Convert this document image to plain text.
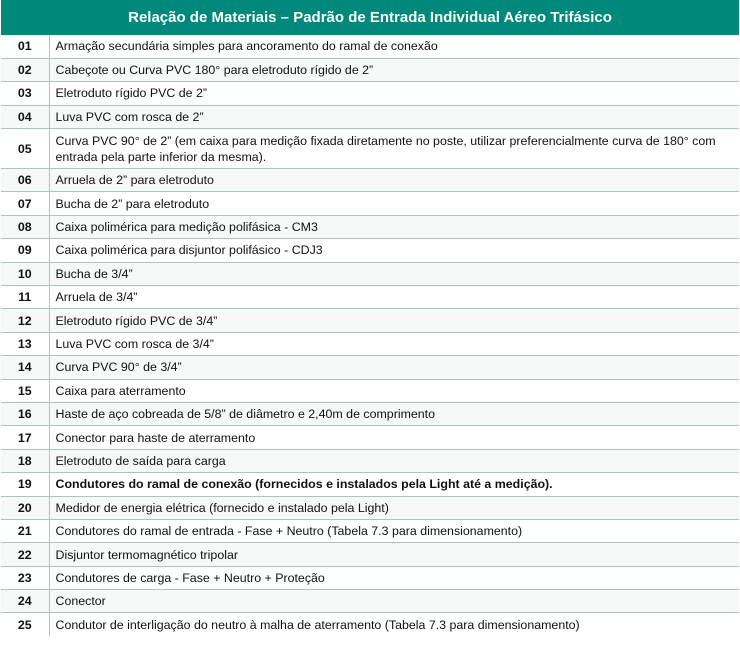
Relação de Materiais – Padrão de Entrada Individual Aéreo Trifásico
01	Armação secundária simples para ancoramento do ramal de conexão
02	Cabeçote ou Curva PVC 180° para eletroduto rígido de 2”
03	Eletroduto rígido PVC de 2”
04	Luva PVC com rosca de 2”
05	Curva PVC 90° de 2” (em caixa para medição fixada diretamente no poste, utilizar preferencialmente curva de 180° com entrada pela parte inferior da mesma).
06	Arruela de 2” para eletroduto
07	Bucha de 2” para eletroduto
08	Caixa polimérica para medição polifásica - CM3
09	Caixa polimérica para disjuntor polifásico - CDJ3
10	Bucha de 3/4”
11	Arruela de 3/4”
12	Eletroduto rígido PVC de 3/4”
13	Luva PVC com rosca de 3/4”
14	Curva PVC 90° de 3/4”
15	Caixa para aterramento
16	Haste de aço cobreada de 5/8” de diâmetro e 2,40m de comprimento
17	Conector para haste de aterramento
18	Eletroduto de saída para carga
19	Condutores do ramal de conexão (fornecidos e instalados pela Light até a medição).
20	Medidor de energia elétrica (fornecido e instalado pela Light)
21	Condutores do ramal de entrada - Fase + Neutro (Tabela 7.3 para dimensionamento)
22	Disjuntor termomagnético tripolar
23	Condutores de carga - Fase + Neutro + Proteção
24	Conector
25	Condutor de interligação do neutro à malha de aterramento (Tabela 7.3 para dimensionamento)
